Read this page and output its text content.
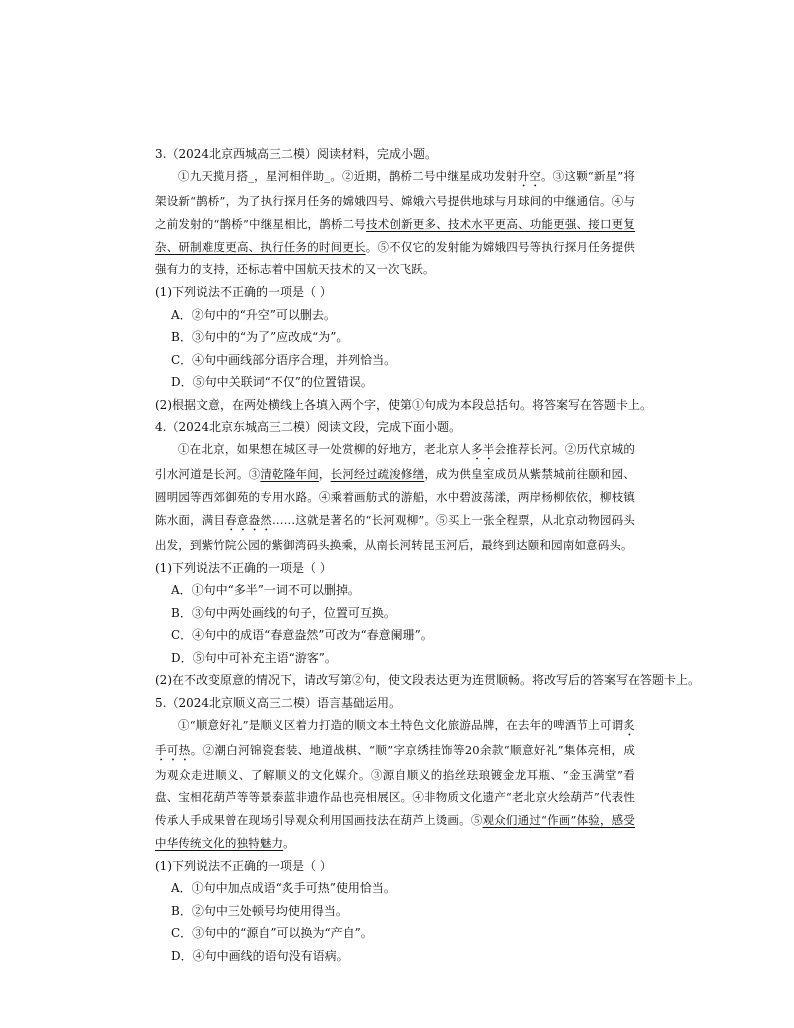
3.（2024北京西城高三二模）阅读材料，完成小题。

①九天揽月搭_，星河相伴助_。②近期，鹊桥二号中继星成功发射升空。③这颗“新星”将架设新“鹊桥”，为了执行探月任务的嫦娥四号、嫦娥六号提供地球与月球间的中继通信。④与之前发射的“鹊桥”中继星相比，鹊桥二号技术创新更多、技术水平更高、功能更强、接口更复杂、研制难度更高、执行任务的时间更长。⑤不仅它的发射能为嫦娥四号等执行探月任务提供强有力的支持，还标志着中国航天技术的又一次飞跃。

(1)下列说法不正确的一项是（ ）

A．②句中的“升空”可以删去。
B．③句中的“为了”应改成“为”。
C．④句中画线部分语序合理，并列恰当。
D．⑤句中关联词“不仅”的位置错误。

(2)根据文意，在两处横线上各填入两个字，使第①句成为本段总括句。将答案写在答题卡上。

4.（2024北京东城高三二模）阅读文段，完成下面小题。

①在北京，如果想在城区寻一处赏柳的好地方，老北京人多半会推荐长河。②历代京城的引水河道是长河。③清乾隆年间，长河经过疏浚修缮，成为供皇室成员从紫禁城前往颐和园、圆明园等西郊御苑的专用水路。④乘着画舫式的游船，水中碧波荡漾，两岸杨柳依依，柳枝镇陈水面，满目春意盎然……这就是著名的“长河观柳”。⑤买上一张全程票，从北京动物园码头出发，到紫竹院公园的紫御湾码头换乘，从南长河转昆玉河后，最终到达颐和园南如意码头。

(1)下列说法不正确的一项是（ ）

A．①句中“多半”一词不可以删掉。
B．③句中两处画线的句子，位置可互换。
C．④句中的成语“春意盎然”可改为“春意阑珊”。
D．⑤句中可补充主语“游客”。

(2)在不改变原意的情况下，请改写第②句，使文段表达更为连贯顺畅。将改写后的答案写在答题卡上。

5.（2024北京顺义高三二模）语言基础运用。

①“顺意好礼”是顺义区着力打造的顺文本土特色文化旅游品牌，在去年的啤酒节上可谓炙手可热。②潮白河锦瓷套装、地道战棋、“顺”字京绣挂饰等20余款“顺意好礼”集体亮相，成为观众走进顺义、了解顺义的文化媒介。③源自顺义的掐丝珐琅镀金龙耳瓶、“金玉满堂”看盘、宝相花葫芦等等景泰蓝非遗作品也亮相展区。④非物质文化遗产“老北京火绘葫芦”代表性传承人手成果曾在现场引导观众利用国画技法在葫芦上烫画。⑤观众们通过“作画”体验，感受中华传统文化的独特魅力。

(1)下列说法不正确的一项是（ ）

A．①句中加点成语“炙手可热”使用恰当。
B．②句中三处顿号均使用得当。
C．③句中的“源自”可以换为“产自”。
D．④句中画线的语句没有语病。
